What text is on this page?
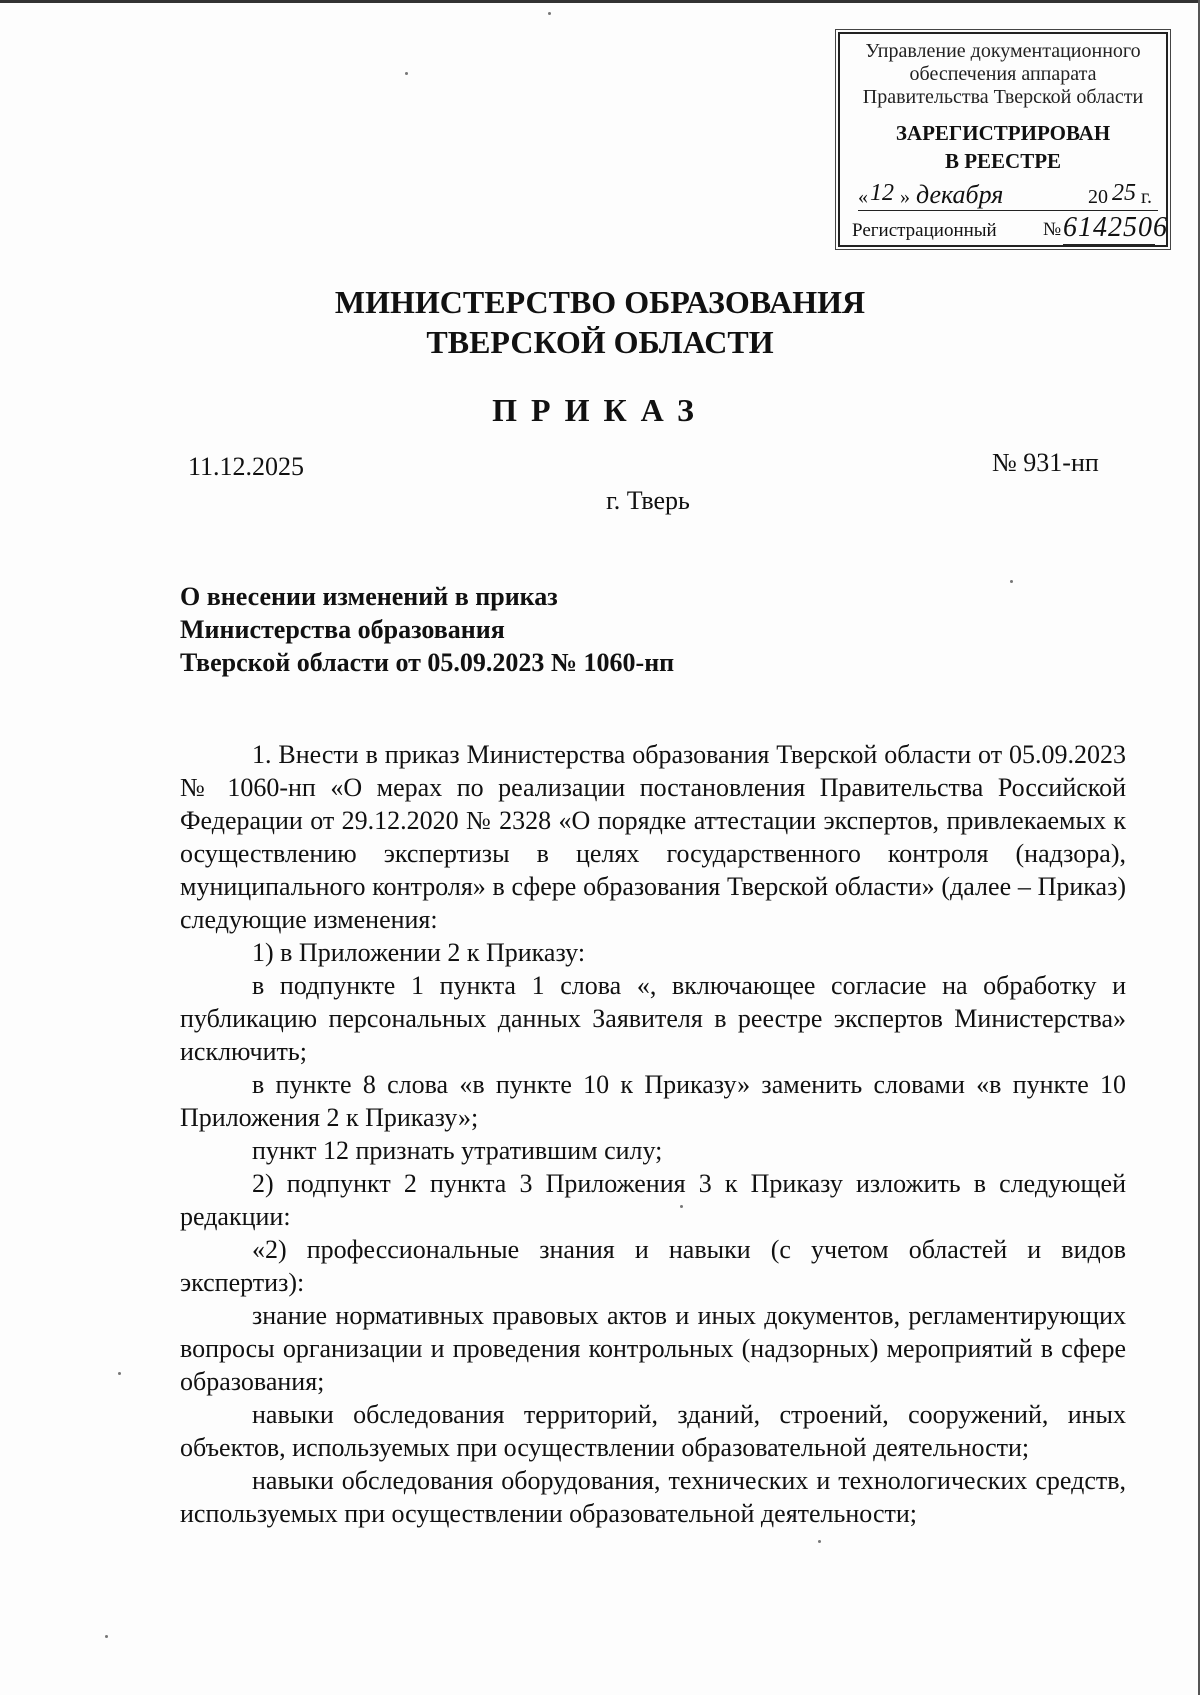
Управление документационного
обеспечения аппарата
Правительства Тверской области
ЗАРЕГИСТРИРОВАН
В РЕЕСТРЕ
« 12 » декабря	20 25 г.
Регистрационный № 6142506
МИНИСТЕРСТВО ОБРАЗОВАНИЯ
ТВЕРСКОЙ ОБЛАСТИ
ПРИКАЗ
11.12.2025	№ 931-нп
г. Тверь
О внесении изменений в приказ
Министерства образования
Тверской области от 05.09.2023 № 1060-нп

1. Внести в приказ Министерства образования Тверской области от 05.09.2023 № 1060-нп «О мерах по реализации постановления Правительства Российской Федерации от 29.12.2020 № 2328 «О порядке аттестации экспертов, привлекаемых к осуществлению экспертизы в целях государственного контроля (надзора), муниципального контроля» в сфере образования Тверской области» (далее – Приказ) следующие изменения:

1) в Приложении 2 к Приказу:

в подпункте 1 пункта 1 слова «, включающее согласие на обработку и публикацию персональных данных Заявителя в реестре экспертов Министерства» исключить;

в пункте 8 слова «в пункте 10 к Приказу» заменить словами «в пункте 10 Приложения 2 к Приказу»;

пункт 12 признать утратившим силу;

2) подпункт 2 пункта 3 Приложения 3 к Приказу изложить в следующей редакции:

«2) профессиональные знания и навыки (с учетом областей и видов экспертиз):

знание нормативных правовых актов и иных документов, регламентирующих вопросы организации и проведения контрольных (надзорных) мероприятий в сфере образования;

навыки обследования территорий, зданий, строений, сооружений, иных объектов, используемых при осуществлении образовательной деятельности;

навыки обследования оборудования, технических и технологических средств, используемых при осуществлении образовательной деятельности;
